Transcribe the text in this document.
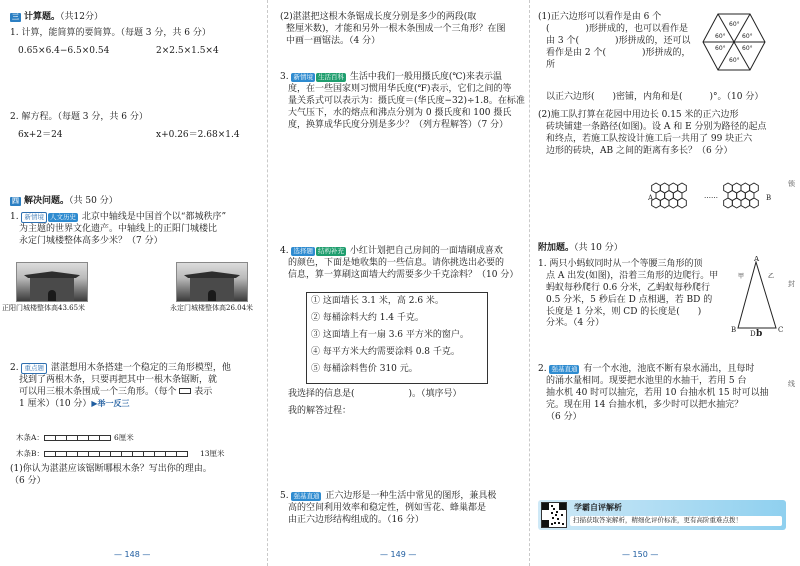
三 计算题。（共12分）
1. 计算，能简算的要简算。（每题 3 分，共 6 分）
0.65×6.4−6.5×0.54	2×2.5×1.5×4
2. 解方程。（每题 3 分，共 6 分）
6x+2＝24	x+0.26＝2.68×1.4
四 解决问题。（共 50 分）
1. 新情境 人文历史 北京中轴线是中国首个以“都城秩序”
为主题的世界文化遗产。中轴线上的正阳门城楼比
永定门城楼整体高多少米？（7 分）
正阳门城楼整体高43.65米	永定门城楼整体高26.04米
2. 重点题 湛湛想用木条搭建一个稳定的三角形模型，他
找到了两根木条，只要再把其中一根木条锯断，就
可以用三根木条围成一个三角形。（每个 表示
1 厘米）（10 分）▶举一反三
木条A：	6厘米
木条B：	13厘米
(1)你认为湛湛应该锯断哪根木条？写出你的理由。
（6 分）
— 148 —
(2)湛湛把这根木条锯成长度分别是多少的两段(取
整厘米数)，才能和另外一根木条围成一个三角形？在图
中画一画锯法。（4 分）
3. 新情境 生活百科 生活中我们一般用摄氏度(℃)来表示温
度，在一些国家则习惯用华氏度(℉)表示，它们之间的等
量关系式可以表示为：摄氏度＝(华氏度−32)÷1.8。在标准
大气压下，水的熔点和沸点分别为 0 摄氏度和 100 摄氏
度，换算成华氏度分别是多少？（列方程解答）（7 分）
4. 选择题 结构补充 小红计划把自己房间的一面墙刷成喜欢
的颜色，下面是她收集的一些信息。请你挑选出必要的
信息，算一算刷这面墙大约需要多少千克涂料？（10 分）
① 这面墙长 3.1 米，高 2.6 米。
② 每桶涂料大约 1.4 千克。
③ 这面墙上有一扇 3.6 平方米的窗户。
④ 每平方米大约需要涂料 0.8 千克。
⑤ 每桶涂料售价 310 元。
我选择的信息是(　　　　　　)。（填序号）
我的解答过程：
5. 强基直通 正六边形是一种生活中常见的图形，兼具极
高的空间利用效率和稳定性，例如雪花、蜂巢都是
由正六边形结构组成的。（16 分）
— 149 —
(1)正六边形可以看作是由 6 个
(　　　　)形拼成的，也可以看作是
由 3 个(　　　　)形拼成的，还可以
看作是由 2 个(　　　　)形拼成的，所
以正六边形(　　)密铺，内角和是(　　　)°。（10 分）
60°
60°	60°
60°	60°
60°
(2)施工队打算在花园中用边长 0.15 米的正六边形
砖块铺建一条路径(如图)。设 A 和 E 分别为路径的起点
和终点，若施工队按设计施工后一共用了 99 块正六
边形的砖块，AB 之间的距离有多长？（6 分）
A	B
……
附加题。（共 10 分）
1. 两只小蚂蚁同时从一个等腰三角形的顶
点 A 出发(如图)，沿着三角形的边爬行。甲
蚂蚁每秒爬行 0.6 分米，乙蚂蚁每秒爬行
0.5 分米，5 秒后在 D 点相遇，若 BD 的
长度是 1 分米，则 CD 的长度是(　　)
分米。（4 分）
A
B	C
D
甲	乙
b
2. 强基直通 有一个水池，池底不断有泉水涌出，且每时
的涌水量相同。现要把水池里的水抽干，若用 5 台
抽水机 40 时可以抽完，若用 10 台抽水机 15 时可以抽
完。现在用 14 台抽水机，多少时可以把水抽完？
（6 分）
学霸自评解析
扫描获取答案解析，精细化评价标准，更有高阶重难点拨！
锁
封
线
— 150 —
